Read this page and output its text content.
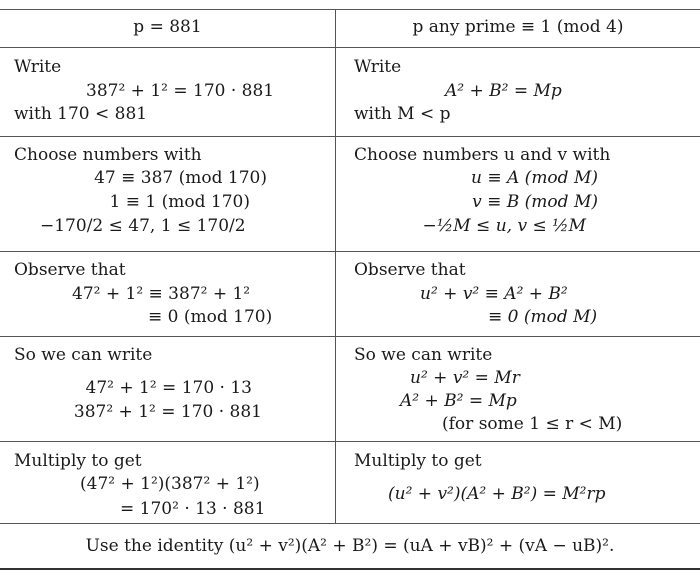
p = 881	p any prime ≡ 1 (mod 4)
Write
387² + 1² = 170 · 881
with 170 < 881
Write
A² + B² = Mp
with M < p
Choose numbers with
47 ≡ 387 (mod 170)
1 ≡ 1 (mod 170)
−170/2 ≤ 47, 1 ≤ 170/2
Choose numbers u and v with
u ≡ A (mod M)
v ≡ B (mod M)
−½M ≤ u, v ≤ ½M
Observe that
47² + 1² ≡ 387² + 1²
≡ 0 (mod 170)
Observe that
u² + v² ≡ A² + B²
≡ 0 (mod M)
So we can write
47² + 1² = 170 · 13
387² + 1² = 170 · 881
So we can write
u² + v² = Mr
A² + B² = Mp
(for some 1 ≤ r < M)
Multiply to get
(47² + 1²)(387² + 1²)
= 170² · 13 · 881
Multiply to get
(u² + v²)(A² + B²) = M²rp
Use the identity (u² + v²)(A² + B²) = (uA + vB)² + (vA − uB)².
